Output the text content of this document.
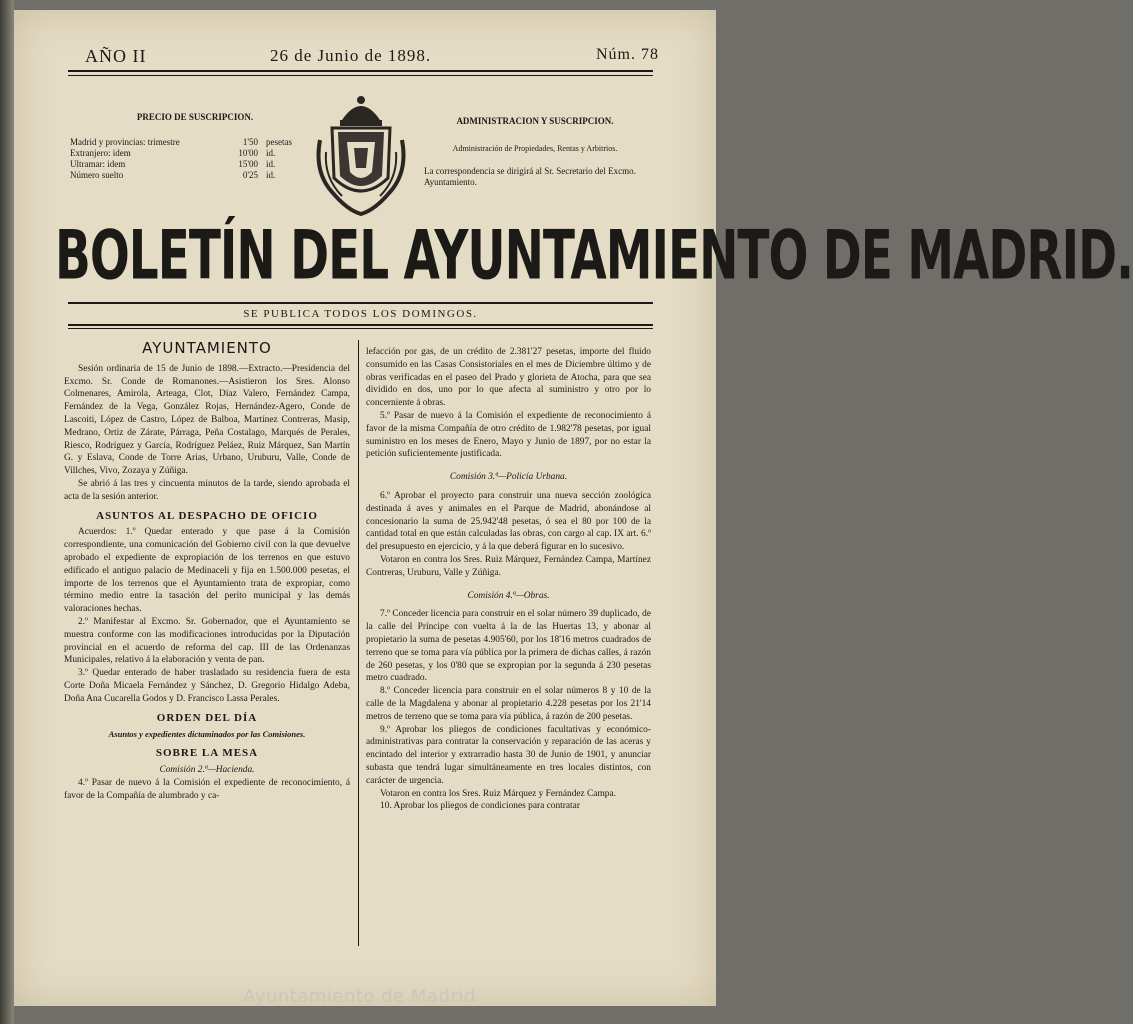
AÑO II	26 de Junio de 1898.	Núm. 78
PRECIO DE SUSCRIPCION.
Madrid y provincias: trimestre	1'50 pesetas
Extranjero: idem	10'00 id.
Ultramar: idem	15'00 id.
Número suelto	0'25 id.
ADMINISTRACION Y SUSCRIPCION.
Administración de Propiedades, Rentas y Arbitrios.
La correspondencia se dirigirá al Sr. Secretario del Excmo. Ayuntamiento.
BOLETÍN DEL AYUNTAMIENTO DE MADRID.
SE PUBLICA TODOS LOS DOMINGOS.
AYUNTAMIENTO

Sesión ordinaria de 15 de Junio de 1898.—Extracto.—Presidencia del Excmo. Sr. Conde de Romanones.—Asistieron los Sres. Alonso Colmenares, Amirola, Arteaga, Clot, Díaz Valero, Fernández Campa, Fernández de la Vega, González Rojas, Hernández-Agero, Conde de Lascoiti, López de Castro, López de Balboa, Martínez Contreras, Masip, Medrano, Ortiz de Zárate, Párraga, Peña Costalago, Marqués de Perales, Riesco, Rodríguez y García, Rodríguez Peláez, Ruiz Márquez, San Martín G. y Eslava, Conde de Torre Arias, Urbano, Uruburu, Valle, Conde de Villches, Vivo, Zozaya y Zúñiga.

Se abrió á las tres y cincuenta minutos de la tarde, siendo aprobada el acta de la sesión anterior.

ASUNTOS AL DESPACHO DE OFICIO

Acuerdos: 1.º Quedar enterado y que pase á la Comisión correspondiente, una comunicación del Gobierno civil con la que devuelve aprobado el expediente de expropiación de los terrenos en que estuvo edificado el antiguo palacio de Medinaceli y fija en 1.500.000 pesetas, el importe de los terrenos que el Ayuntamiento trata de expropiar, como término medio entre la tasación del perito municipal y las demás valoraciones hechas.

2.º Manifestar al Excmo. Sr. Gobernador, que el Ayuntamiento se muestra conforme con las modificaciones introducidas por la Diputación provincial en el acuerdo de reforma del cap. III de las Ordenanzas Municipales, relativo á la elaboración y venta de pan.

3.º Quedar enterado de haber trasladado su residencia fuera de esta Corte Doña Micaela Fernández y Sánchez, D. Gregorio Hidalgo Adeba, Doña Ana Cucarella Godos y D. Francisco Lassa Perales.

ORDEN DEL DÍA
Asuntos y expedientes dictaminados por las Comisiones.
SOBRE LA MESA
Comisión 2.ª—Hacienda.

4.º Pasar de nuevo á la Comisión el expediente de reconocimiento, á favor de la Compañía de alumbrado y ca-

lefacción por gas, de un crédito de 2.381'27 pesetas, importe del fluido consumido en las Casas Consistoriales en el mes de Diciembre último y de obras verificadas en el paseo del Prado y glorieta de Atocha, para que sea dividido en dos, uno por lo que afecta al suministro y otro por lo concerniente á obras.

5.º Pasar de nuevo á la Comisión el expediente de reconocimiento á favor de la misma Compañía de otro crédito de 1.982'78 pesetas, por igual suministro en los meses de Enero, Mayo y Junio de 1897, por no estar la petición suficientemente justificada.

Comisión 3.ª—Policía Urbana.

6.º Aprobar el proyecto para construir una nueva sección zoológica destinada á aves y animales en el Parque de Madrid, abonándose al concesionario la suma de 25.942'48 pesetas, ó sea el 80 por 100 de la cantidad total en que están calculadas las obras, con cargo al cap. IX art. 6.º del presupuesto en ejercicio, y á la que deberá figurar en lo sucesivo.

Votaron en contra los Sres. Ruiz Márquez, Fernández Campa, Martínez Contreras, Uruburu, Valle y Zúñiga.

Comisión 4.ª—Obras.

7.º Conceder licencia para construir en el solar número 39 duplicado, de la calle del Príncipe con vuelta á la de las Huertas 13, y abonar al propietario la suma de pesetas 4.905'60, por los 18'16 metros cuadrados de terreno que se toma para vía pública por la primera de dichas calles, á razón de 260 pesetas, y los 0'80 que se expropian por la segunda á 230 pesetas metro cuadrado.

8.º Conceder licencia para construir en el solar números 8 y 10 de la calle de la Magdalena y abonar al propietario 4.228 pesetas por los 21'14 metros de terreno que se toma para vía pública, á razón de 200 pesetas.

9.º Aprobar los pliegos de condiciones facultativas y económico-administrativas para contratar la conservación y reparación de las aceras y encintado del interior y extrarradio hasta 30 de Junio de 1901, y anunciar subasta que tendrá lugar simultáneamente en tres locales distintos, con carácter de urgencia.

Votaron en contra los Sres. Ruiz Márquez y Fernández Campa.

10. Aprobar los pliegos de condiciones para contratar

Ayuntamiento de Madrid
